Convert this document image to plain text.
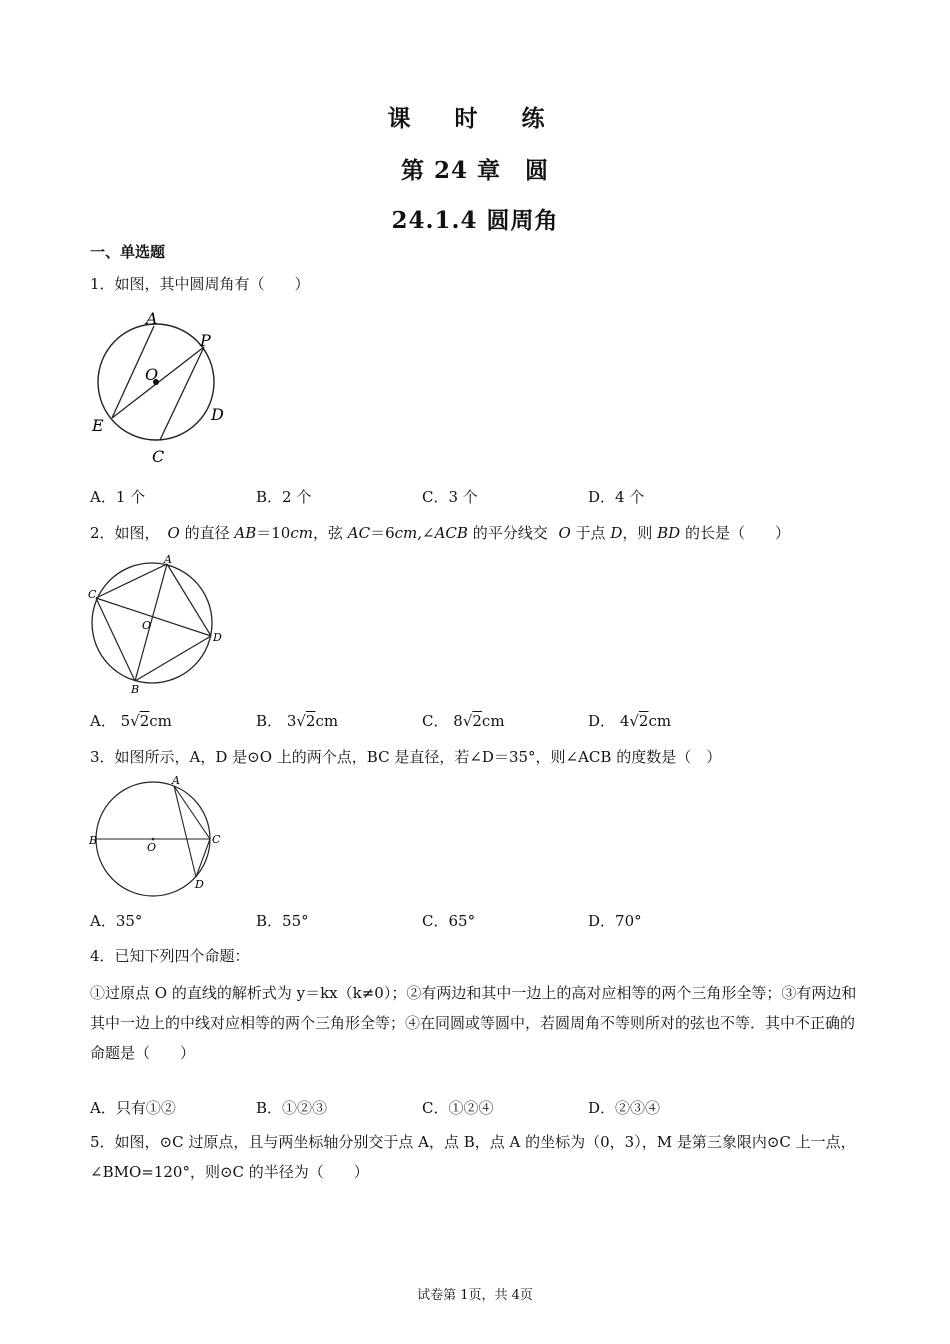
课 时 练
第 24 章　圆
24.1.4 圆周角
一、单选题
1．如图，其中圆周角有（　　）
A
P
O
D
E
C
A．1 个	B．2 个	C．3 个	D．4 个
2．如图， O 的直径 AB＝10cm，弦 AC＝6cm,∠ACB 的平分线交 O 于点 D，则 BD 的长是（　　）
A
C
O
D
B
A． 5√2cm	B． 3√2cm	C． 8√2cm	D． 4√2cm
3．如图所示，A，D 是⊙O 上的两个点，BC 是直径，若∠D＝35°，则∠ACB 的度数是（　）
A
B
O
C
D
A．35°	B．55°	C．65°	D．70°
4．已知下列四个命题：
①过原点 O 的直线的解析式为 y＝kx（k≠0）；②有两边和其中一边上的高对应相等的两个三角形全等；③有两边和其中一边上的中线对应相等的两个三角形全等；④在同圆或等圆中，若圆周角不等则所对的弦也不等．其中不正确的命题是（　　）
A．只有①②	B．①②③	C．①②④	D．②③④
5．如图，⊙C 过原点，且与两坐标轴分别交于点 A，点 B，点 A 的坐标为（0，3），M 是第三象限内⊙C 上一点，∠BMO=120°，则⊙C 的半径为（　　）
试卷第 1页，共 4页
